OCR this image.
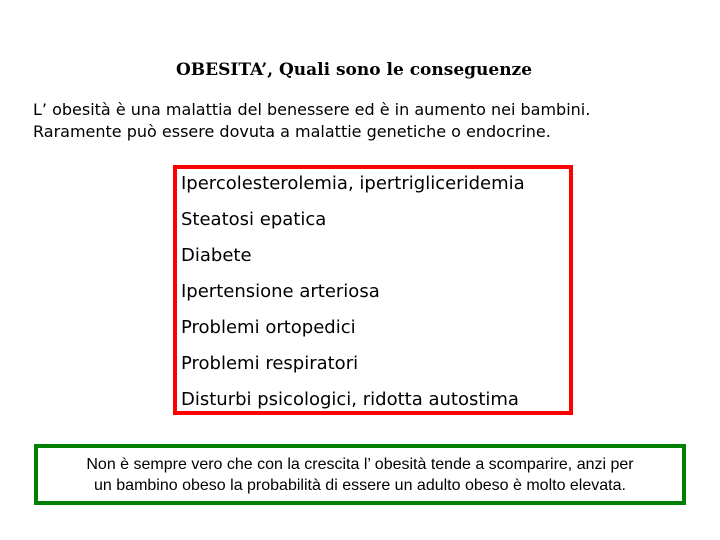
OBESITA’, Quali sono le conseguenze
L’ obesità è una malattia del benessere ed è in aumento nei bambini.
Raramente può essere dovuta a malattie genetiche o endocrine.
Ipercolesterolemia, ipertrigliceridemia
Steatosi epatica
Diabete
Ipertensione arteriosa
Problemi ortopedici
Problemi respiratori
Disturbi psicologici, ridotta autostima
Non è sempre vero che con la crescita l’ obesità tende a scomparire, anzi per
un bambino obeso la probabilità di essere un adulto obeso è molto elevata.
